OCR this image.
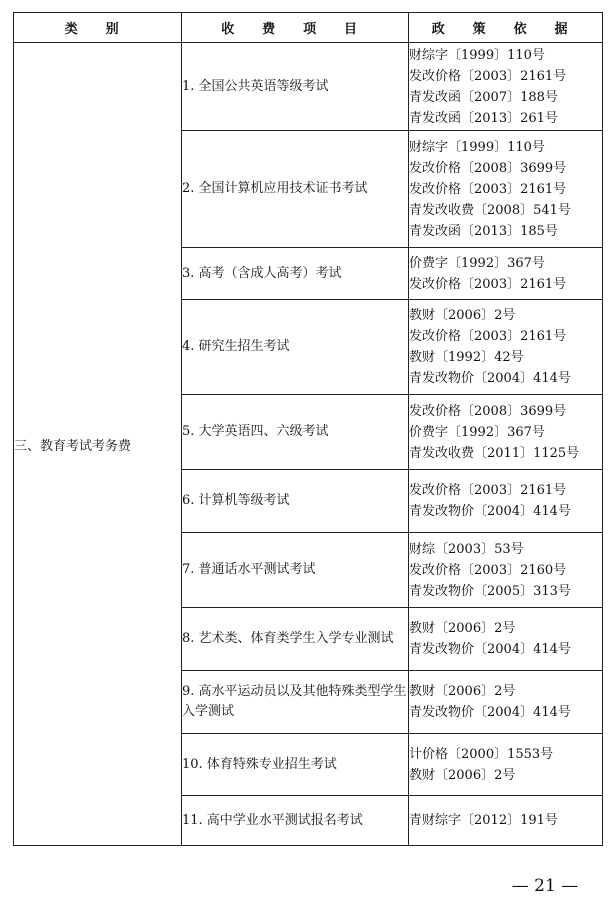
类 别	收 费 项 目	政 策 依 据
三、教育考试考务费	1. 全国公共英语等级考试	财综字〔1999〕110号
发改价格〔2003〕2161号
青发改函〔2007〕188号
青发改函〔2013〕261号

	2. 全国计算机应用技术证书考试	财综字〔1999〕110号
发改价格〔2008〕3699号
发改价格〔2003〕2161号
青发改收费〔2008〕541号
青发改函〔2013〕185号

	3. 高考（含成人高考）考试	价费字〔1992〕367号
发改价格〔2003〕2161号

	4. 研究生招生考试	教财〔2006〕2号
发改价格〔2003〕2161号
教财〔1992〕42号
青发改物价〔2004〕414号

	5. 大学英语四、六级考试	发改价格〔2008〕3699号
价费字〔1992〕367号
青发改收费〔2011〕1125号

	6. 计算机等级考试	发改价格〔2003〕2161号
青发改物价〔2004〕414号

	7. 普通话水平测试考试	财综〔2003〕53号
发改价格〔2003〕2160号
青发改物价〔2005〕313号

	8. 艺术类、体育类学生入学专业测试	教财〔2006〕2号
青发改物价〔2004〕414号

	9. 高水平运动员以及其他特殊类型学生入学测试	教财〔2006〕2号
青发改物价〔2004〕414号

	10. 体育特殊专业招生考试	计价格〔2000〕1553号
教财〔2006〕2号

	11. 高中学业水平测试报名考试	青财综字〔2012〕191号
— 21 —
